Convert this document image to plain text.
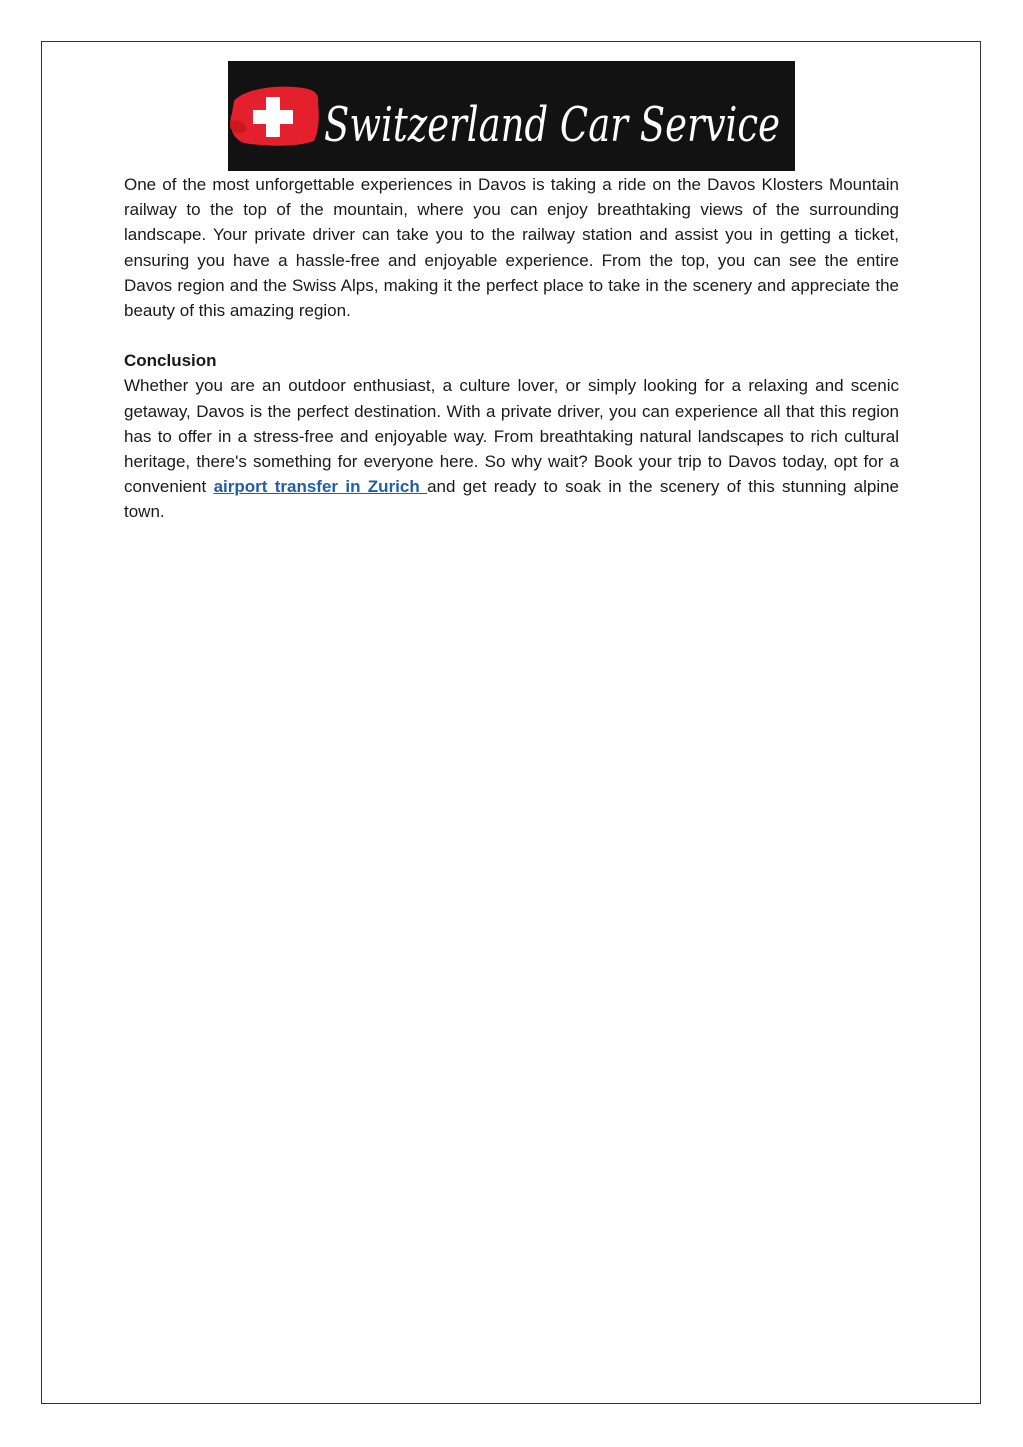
Switzerland Car Service

One of the most unforgettable experiences in Davos is taking a ride on the Davos Klosters Mountain railway to the top of the mountain, where you can enjoy breathtaking views of the surrounding landscape. Your private driver can take you to the railway station and assist you in getting a ticket, ensuring you have a hassle-free and enjoyable experience. From the top, you can see the entire Davos region and the Swiss Alps, making it the perfect place to take in the scenery and appreciate the beauty of this amazing region.

Conclusion

Whether you are an outdoor enthusiast, a culture lover, or simply looking for a relaxing and scenic getaway, Davos is the perfect destination. With a private driver, you can experience all that this region has to offer in a stress-free and enjoyable way. From breathtaking natural landscapes to rich cultural heritage, there's something for everyone here. So why wait? Book your trip to Davos today, opt for a convenient airport transfer in Zurich and get ready to soak in the scenery of this stunning alpine town.
